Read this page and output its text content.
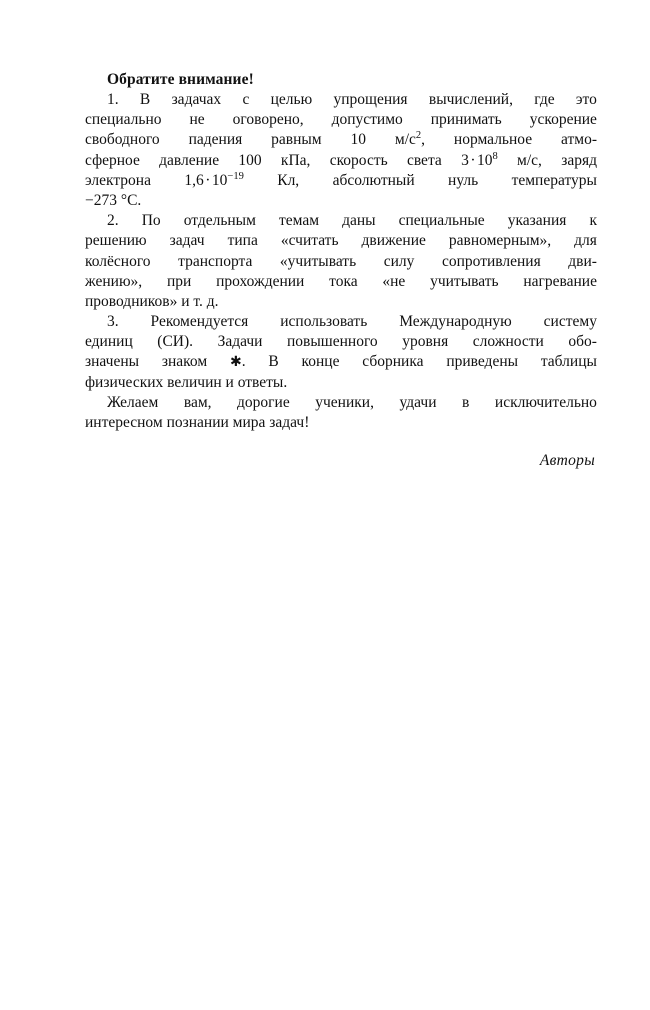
Обратите внимание!
1. В задачах с целью упрощения вычислений, где это
специально не оговорено, допустимо принимать ускорение
свободного падения равным 10 $м/с^2$, нормальное атмо-
сферное давление 100 кПа, скорость света $3\cdot 10^8$ м/с, заряд
электрона $1,6\cdot 10^{-19}$ Кл, абсолютный нуль температуры
−273 °C.
2. По отдельным темам даны специальные указания к
решению задач типа «считать движение равномерным», для
колёсного транспорта «учитывать силу сопротивления дви-
жению», при прохождении тока «не учитывать нагревание
проводников» и т. д.
3. Рекомендуется использовать Международную систему
единиц (СИ). Задачи повышенного уровня сложности обо-
значены знаком ✱. В конце сборника приведены таблицы
физических величин и ответы.
Желаем вам, дорогие ученики, удачи в исключительно
интересном познании мира задач!
Авторы
